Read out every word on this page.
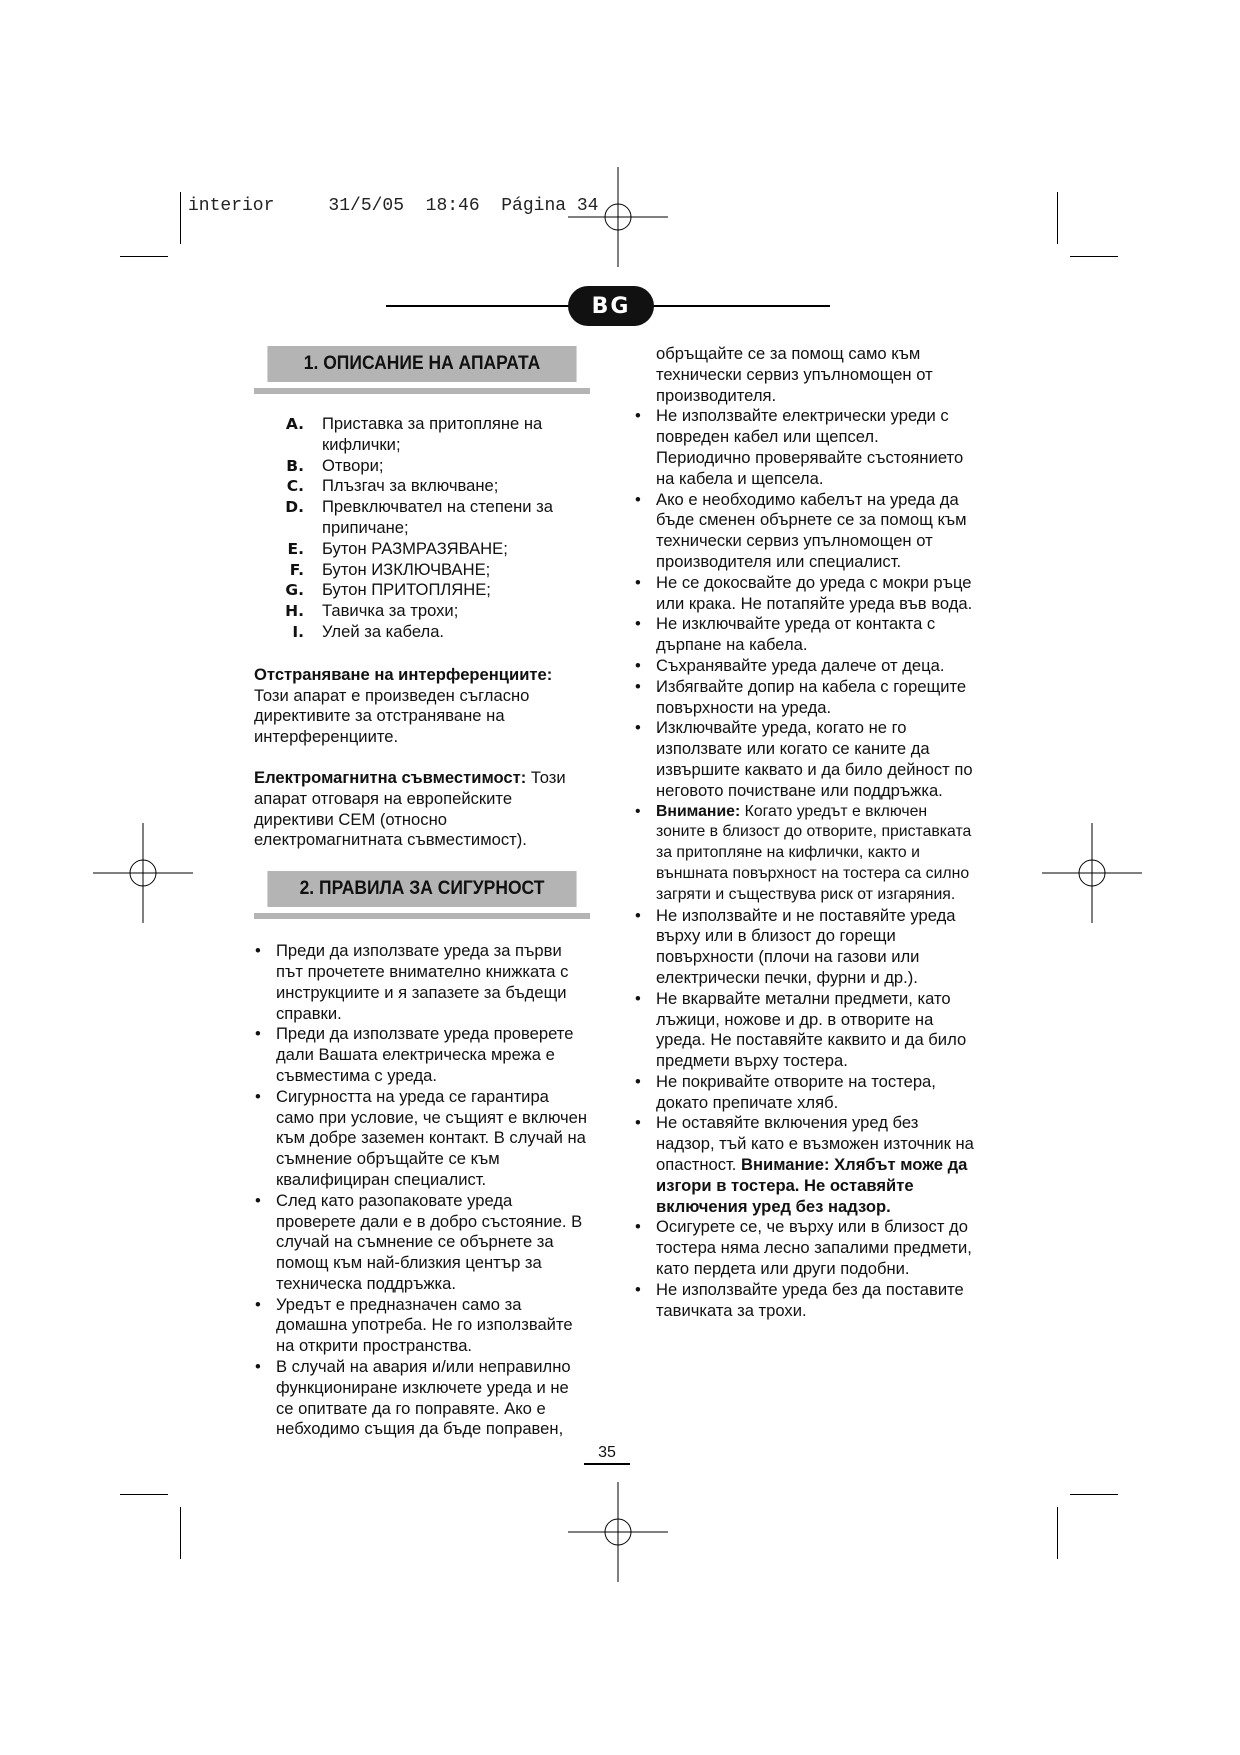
interior     31/5/05  18:46  Página 34
BG
1. ОПИСАНИЕ НА АПАРАТА
A.	Приставка за притопляне на кифлички;
B.	Отвори;
C.	Плъзгач за включване;
D.	Превключвател на степени за припичане;
E.	Бутон РАЗМРАЗЯВАНЕ;
F.	Бутон ИЗКЛЮЧВАНЕ;
G.	Бутон ПРИТОПЛЯНЕ;
H.	Тавичка за трохи;
I.	Улей за кабела.
Отстраняване на интерференциите:
Този апарат е произведен съгласно директивите за отстраняване на интерференциите.
Електромагнитна съвместимост: Този апарат отговаря на европейските директиви CEM (относно електромагнитната съвместимост).
2. ПРАВИЛА ЗА СИГУРНОСТ
• Преди да използвате уреда за първи път прочетете внимателно книжката с инструкциите и я запазете за бъдещи справки.
• Преди да използвате уреда проверете дали Вашата електрическа мрежа е съвместима с уреда.
• Сигурността на уреда се гарантира само при условие, че същият е включен към добре заземен контакт. В случай на съмнение обръщайте се към квалифициран специалист.
• След като разопаковате уреда проверете дали е в добро състояние. В случай на съмнение се обърнете за помощ към най-близкия център за техническа поддръжка.
• Уредът е предназначен само за домашна употреба. Не го използвайте на открити пространства.
• В случай на авария и/или неправилно функциониране изключете уреда и не се опитвате да го поправяте. Ако е небходимо същия да бъде поправен,
обръщайте се за помощ само към технически сервиз упълномощен от производителя.
• Не използвайте електрически уреди с повреден кабел или щепсел. Периодично проверявайте състоянието на кабела и щепсела.
• Ако е необходимо кабелът на уреда да бъде сменен обърнете се за помощ към технически сервиз упълномощен от производителя или специалист.
• Не се докосвайте до уреда с мокри ръце или крака. Не потапяйте уреда във вода.
• Не изключвайте уреда от контакта с дърпане на кабела.
• Съхранявайте уреда далече от деца.
• Избягвайте допир на кабела с горещите повърхности на уреда.
• Изключвайте уреда, когато не го използвате или когато се каните да извършите каквато и да било дейност по неговото почистване или поддръжка.
• Внимание: Когато уредът е включен зоните в близост до отворите, приставката за притопляне на кифлички, както и външната повърхност на тостера са силно загряти и съществува риск от изгаряния.
• Не използвайте и не поставяйте уреда върху или в близост до горещи повърхности (плочи на газови или електрически печки, фурни и др.).
• Не вкарвайте метални предмети, като лъжици, ножове и др. в отворите на уреда. Не поставяйте каквито и да било предмети върху тостера.
• Не покривайте отворите на тостера, докато препичате хляб.
• Не оставяйте включения уред без надзор, тъй като е възможен източник на опастност. Внимание: Хлябът може да изгори в тостера. Не оставяйте включения уред без надзор.
• Осигурете се, че върху или в близост до тостера няма лесно запалими предмети, като пердета или други подобни.
• Не използвайте уреда без да поставите тавичката за трохи.
35
